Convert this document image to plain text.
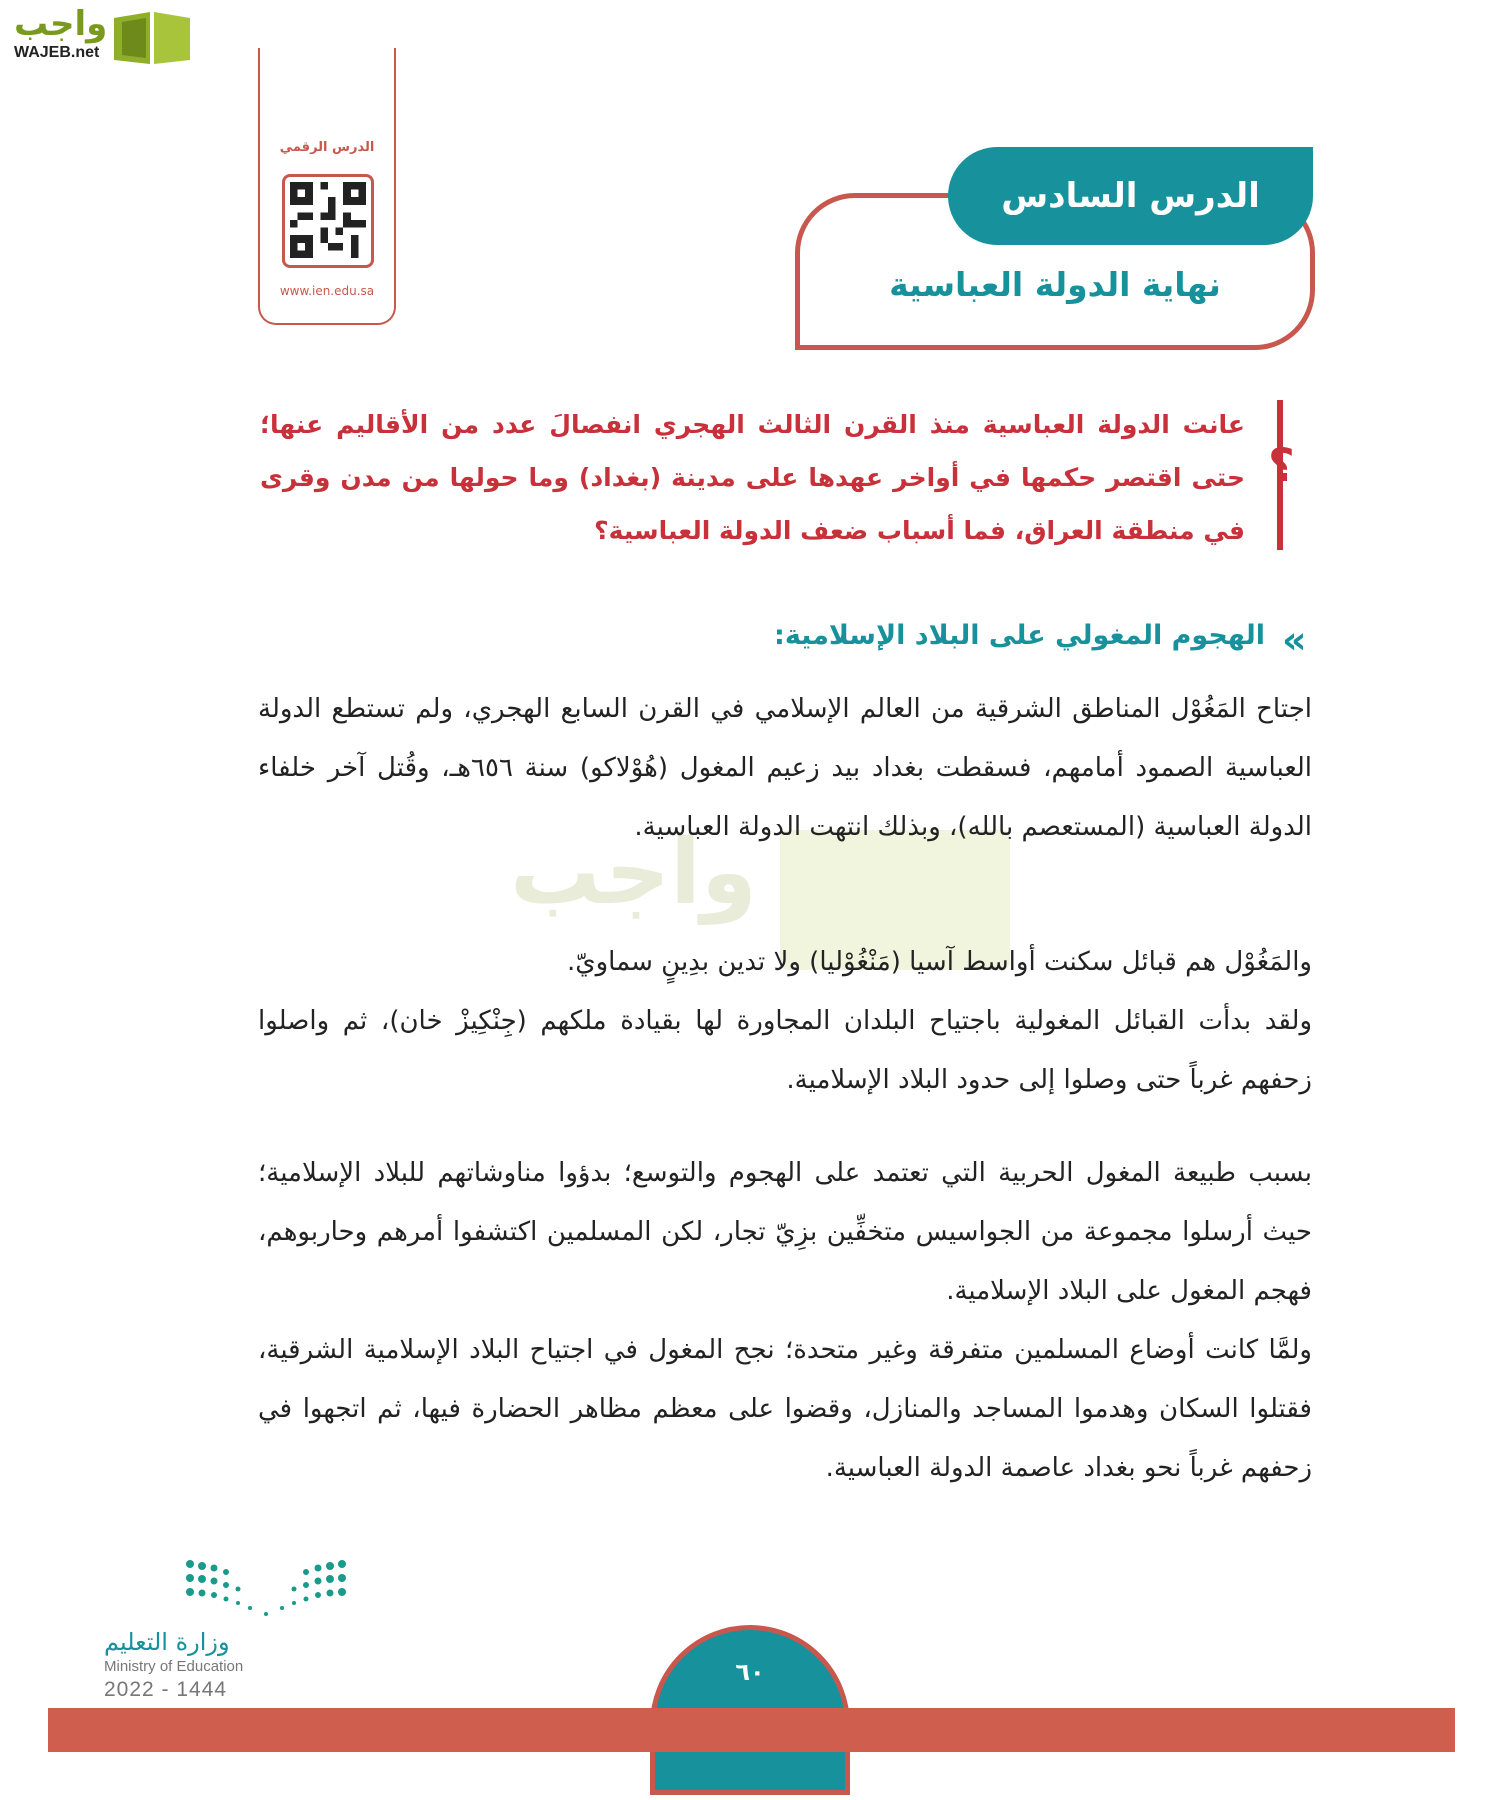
واجب
WAJEB.net
الدرس الرقمي
www.ien.edu.sa
الدرس السادس
نهاية الدولة العباسية
؟
عانت الدولة العباسية منذ القرن الثالث الهجري انفصالَ عدد من الأقاليم عنها؛ حتى اقتصر حكمها في أواخر عهدها على مدينة (بغداد) وما حولها من مدن وقرى في منطقة العراق، فما أسباب ضعف الدولة العباسية؟
«
الهجوم المغولي على البلاد الإسلامية:
واجب

اجتاح المَغُوْل المناطق الشرقية من العالم الإسلامي في القرن السابع الهجري، ولم تستطع الدولة العباسية الصمود أمامهم، فسقطت بغداد بيد زعيم المغول (هُوْلاكو) سنة ٦٥٦هـ، وقُتل آخر خلفاء الدولة العباسية (المستعصم بالله)، وبذلك انتهت الدولة العباسية.

والمَغُوْل هم قبائل سكنت أواسط آسيا (مَنْغُوْليا) ولا تدين بدِينٍ سماويّ.

ولقد بدأت القبائل المغولية باجتياح البلدان المجاورة لها بقيادة ملكهم (جِنْكِيزْ خان)، ثم واصلوا زحفهم غرباً حتى وصلوا إلى حدود البلاد الإسلامية.

بسبب طبيعة المغول الحربية التي تعتمد على الهجوم والتوسع؛ بدؤوا مناوشاتهم للبلاد الإسلامية؛ حيث أرسلوا مجموعة من الجواسيس متخفِّين بزِيّ تجار، لكن المسلمين اكتشفوا أمرهم وحاربوهم، فهجم المغول على البلاد الإسلامية.

ولمَّا كانت أوضاع المسلمين متفرقة وغير متحدة؛ نجح المغول في اجتياح البلاد الإسلامية الشرقية، فقتلوا السكان وهدموا المساجد والمنازل، وقضوا على معظم مظاهر الحضارة فيها، ثم اتجهوا في زحفهم غرباً نحو بغداد عاصمة الدولة العباسية.

وزارة التعليم
Ministry of Education
2022 - 1444
٦٠
